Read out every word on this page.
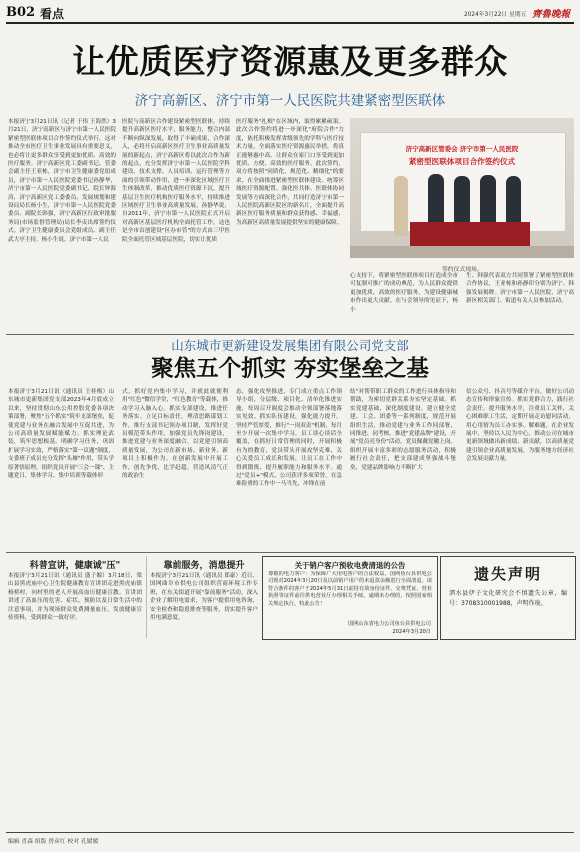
B02 看点	2024年3月22日 星期五 齊魯晚報
让优质医疗资源惠及更多群众
济宁高新区、济宁市第一人民医院共建紧密型医联体
本报济宁3月21日讯（记者 于伟 王海然）3月21日，济宁高新区与济宁市第一人民医院紧密型医联体项目合作签约仪式举行，这对推动全市医疗卫生事业发展具有重要意义，也必将让更多群众享受到更加优质、高效的医疗服务。济宁高新区党工委副书记、管委会副主任王亚栋，济宁市卫生健康委党组成员，济宁市第一人民医院党委书记孙静华，济宁市第一人民医院党委副书记、院长钟海涛，济宁高新区党工委委员、发展规划和建设局局长杨小生，济宁市第一人民医院党委委员、副院长韩强，济宁高新区行政审批服务局(市场监督管理局)局长李贞出席签约仪式。济宁卫生健康委员会党组成员、副主任武大亭主持。杨小生说，济宁市第一人民
医院与高新区合作建设紧密型医联体，持续提升高新区医疗水平，服务能力，整合内部不断向纵深发展，取得了丰硕成果，合作深入，必将开启高新区医疗卫生事业高质量发展的新起点，济宁高新区将以此次合作为新的起点，充分发挥济宁市第一人民医院学科建设、技术支撑、人员培训、运行管理等方面的引领带动作用，进一步深化区域医疗卫生体制改革，推动优质医疗资源下沉，提升基层卫生医疗机构医疗服务水平，持续推进区域医疗卫生事业高质量发展。孙静华说，自2011年，济宁市第一人民医院正式开启对高新区基层医疗机构全面托管工作，这也是全市首创建设"区办市管"的方式由三甲医院全面托管区域基层医院，切实让优质
医疗服务"扎根"在区域内，取得累累硕果。此次合作签约将进一步深化"府院合作"力度，依托积极发挥省级领先的学科与医疗技术力量，全面落实医疗资源惠民举措，将真正能够惠中高、让群众在家门口享受到更加优质、方便、高效的医疗服务。此次签约，双方将按照"同质化、规范化、精细化"的要求，在全面推进紧密型医联体建设、统筹区域医疗资源配置、强化医共体、医联体协同发展等方面深化合作，共同打造济宁市第一人民医院高新区院区的新名片，全面提升高新区医疗服务质量和群众获得感、幸福感，为高新区高质量发展提供坚实的健康保障。
济宁高新区管委会 济宁市第一人民医院
紧密型医联体项目合作签约仪式
签约仪式现场。
心支持下，将紧密型医联体项目打造成全市可复制可推广的成功典范，为人民群众提供更加优质、高效的医疗服务，为建设健康城市作出更大贡献。在与会领导的见证下，杨小
生、韩强代表双方共同签署了紧密型医联体合作协议，王亚栋和孙静印分别为济宁、韩强发展揭牌。济宁市第一人民医院、济宁高新区相关部门、街道有关人员参加活动。
山东城市更新建设发展集团有限公司党支部
聚焦五个抓实 夯实堡垒之基
本报济宁3月21日讯（通讯员 王桂梅）山东城市更新集团党支部2023年4月底成立以来，坚持贯彻山东公用控股党委各项决策部署，聚焦"五个抓实"筑牢支部堡垒，促使党建与业务在融合发展中互促共进，为公司高质量发展赋能赋力。抓实理论武装，筑牢思想根基。明确学习任务，巩固扩展学习实效，严格落实"第一议题"制度，支委班子成员充分发挥"头雁"作用，带头学原著悟原理，组织党员开展"三会一课"、主题党日，集体学习、集中培训等载体形
式，抓好党内集中学习，并就此就便利用"红色"微信学堂，"红色教育"等载体，推动学习入脑入心。抓实支部建设，推进任务落实。立足目标责任，理清思路谋划工作，推行支部书记领办项目制，发挥好党员模范带头作用，加强党员先锋岗建设，推进党建与业务深度融合，以党建引领高质量发展，为公司在新市场、新业务、新项目上积极作为。在创新发展中开展工作，创先争优、比学赶超，营造风清气正的政治生
态，强化攻坚推进，专门成立重点工作领导小组，分层级、项目化、清单化推进实施，每周召开调度会推动全领部署落地落实见效。抓实队伍建设，强化能力提升。坚持严管厚爱，推行"一岗双责"机制，每月至少开展一次集中学习，员工谈心谈话全覆盖，在抓好日常管理的同时，开展积极有为的教育，党员带头开展攻坚克难，关心关爱员工成长和发展，让员工在工作中得到锻炼，提升履职能力和服务水平。通过"党员+"模式，公司获评多项荣誉，在急难险重的工作中一马当先、冲锋在前
结"对帮带职工群众的工作进行具体指导和帮助，为密切党群关系夯实坚定基础。抓实党建基础，深化制度建设。建立健全党建、工会、团委等一系列制度，规范开展组织生活，推动党建与业务工作同部署、同推进、同考核。推进"党建品牌"建设，开展"党员亮身份"活动，党员佩戴党徽上岗。组织开展丰富多彩的志愿服务活动，积极履行社会责任，把支部建成坚强战斗堡垒，党建品牌影响力不断扩大
信公众号、抖音号等媒介平台，做好公司动态宣传和形象宣传。抓实党群合力，践行社会责任。提升服务水平，注重员工关怀，关心困难职工生活，定期开展走访慰问活动，用心用情为员工办实事、解难题。在企业发展中，坚持以人民为中心，推动公司在城市更新领域做出新成绩、新贡献，以高质量党建引领企业高质量发展，为服务地方经济社会发展贡献力量。
科普宣讲，健康诚"压"
本报济宁3月21日讯（通讯员 盛子嫄）3月18日，梁山县黑虎庙中心卫生院健康教育宣讲团走进黑虎庙镇杨桥村，向村里的老人开展高血压健康宣教。宣讲团讲述了高血压的危害、症状、预防以及日常生活中的注意事项，并为现场群众免费测量血压，发放健康宣传资料，受到群众一致好评。
靠前服务，消患提升
本报济宁3月21日讯（通讯员 郑豪）近日，国网曲阜市供电公司组织营商环境工作专班，在东关街道开展"靠前服务"活动，深入企业了解用电需求，为客户提供用电咨询、安全检查和隐患排查等服务，切实提升客户用电满意度。
关于销户客户预收电费清退的公告
尊敬的电力客户：为保障广大用电客户的合法权益，国网鱼台县供电公司现对2024年3月20日及以前销户用户的未退款余额进行全面清退。请符合条件的客户于2024年5月31日前持有效身份证件、交费凭证、营业执照等证件前往供电营业厅办理相关手续。逾期未办理的，按照国家相关规定执行。特此公告！
国网山东省电力公司鱼台县供电公司
2024年3月20日
遗失声明
泗水县伊子文化研究会不慎遗失公章，编号：3708310001988，声明作废。
编辑 喜森 组版 曾彦红 校对 孔媛媛
